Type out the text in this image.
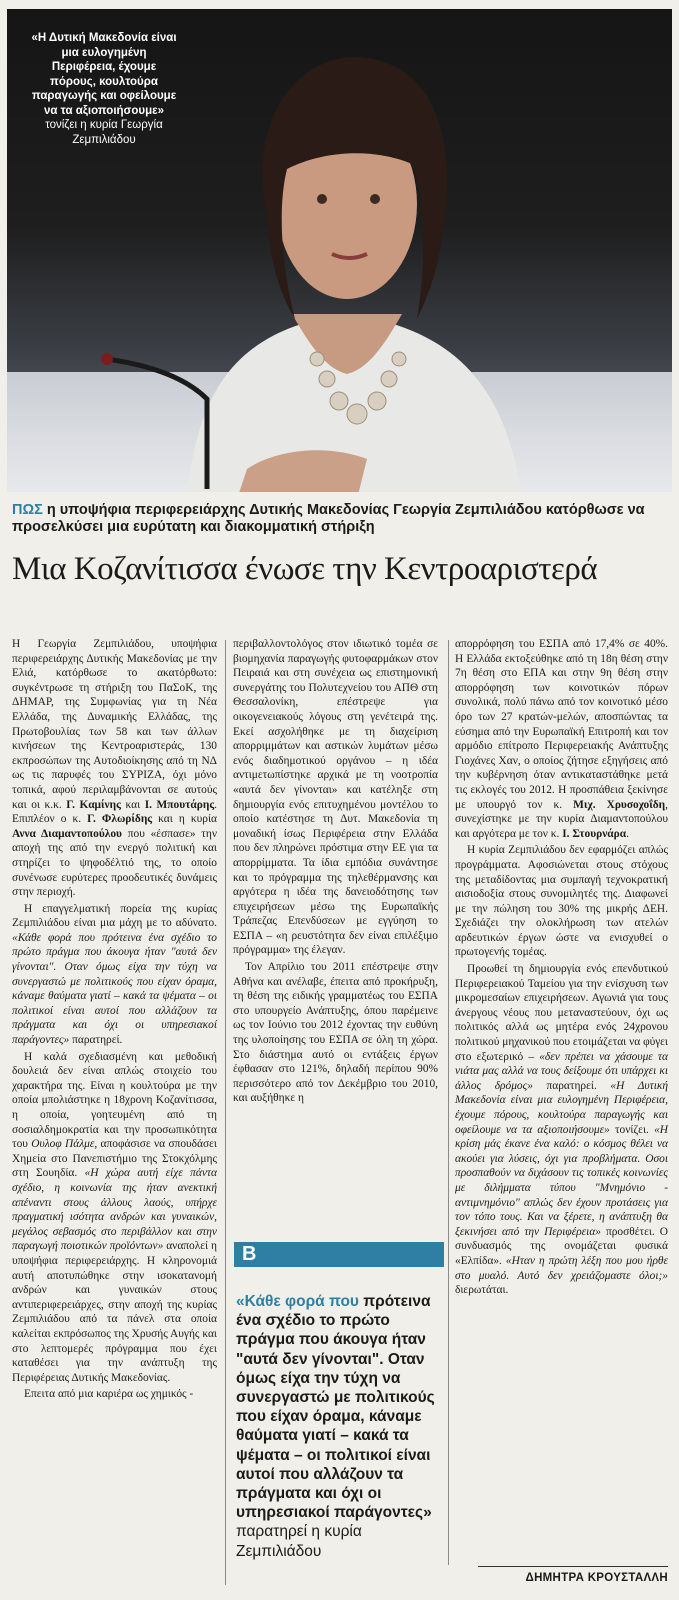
«Η Δυτική Μακεδονία είναι μια ευλογημένη Περιφέρεια, έχουμε πόρους, κουλτούρα παραγωγής και οφείλουμε να τα αξιοποιήσουμε» τονίζει η κυρία Γεωργία Ζεμπιλιάδου
ΠΩΣ η υποψήφια περιφερειάρχης Δυτικής Μακεδονίας Γεωργία Ζεμπιλιάδου κατόρθωσε να προσελκύσει μια ευρύτατη και διακομματική στήριξη
Μια Κοζανίτισσα ένωσε την Κεντροαριστερά

Η Γεωργία Ζεμπιλιάδου, υποψήφια περιφερειάρχης Δυτικής Μακεδονίας με την Ελιά, κατόρθωσε το ακατόρθωτο: συγκέντρωσε τη στήριξη του ΠαΣοΚ, της ΔΗΜΑΡ, της Συμφωνίας για τη Νέα Ελλάδα, της Δυναμικής Ελλάδας, της Πρωτοβουλίας των 58 και των άλλων κινήσεων της Κεντροαριστεράς, 130 εκπροσώπων της Αυτοδιοίκησης από τη ΝΔ ως τις παρυφές του ΣΥΡΙΖΑ, όχι μόνο τοπικά, αφού περιλαμβάνονται σε αυτούς και οι κ.κ. Γ. Καμίνης και Ι. Μπουτάρης. Επιπλέον ο κ. Γ. Φλωρίδης και η κυρία Αννα Διαμαντοπούλου που «έσπασε» την αποχή της από την ενεργό πολιτική και στηρίζει το ψηφοδέλτιό της, το οποίο συνένωσε ευρύτερες προοδευτικές δυνάμεις στην περιοχή.

Η επαγγελματική πορεία της κυρίας Ζεμπιλιάδου είναι μια μάχη με το αδύνατο. «Κάθε φορά που πρότεινα ένα σχέδιο το πρώτο πράγμα που άκουγα ήταν "αυτά δεν γίνονται". Οταν όμως είχα την τύχη να συνεργαστώ με πολιτικούς που είχαν όραμα, κάναμε θαύματα γιατί – κακά τα ψέματα – οι πολιτικοί είναι αυτοί που αλλάζουν τα πράγματα και όχι οι υπηρεσιακοί παράγοντες» παρατηρεί.

Η καλά σχεδιασμένη και μεθοδική δουλειά δεν είναι απλώς στοιχείο του χαρακτήρα της. Είναι η κουλτούρα με την οποία μπολιάστηκε η 18χρονη Κοζανίτισσα, η οποία, γοητευμένη από τη σοσιαλδημοκρατία και την προσωπικότητα του Ουλοφ Πάλμε, αποφάσισε να σπουδάσει Χημεία στο Πανεπιστήμιο της Στοκχόλμης στη Σουηδία. «Η χώρα αυτή είχε πάντα σχέδιο, η κοινωνία της ήταν ανεκτική απέναντι στους άλλους λαούς, υπήρχε πραγματική ισότητα ανδρών και γυναικών, μεγάλος σεβασμός στο περιβάλλον και στην παραγωγή ποιοτικών προϊόντων» αναπολεί η υποψήφια περιφερειάρχης. Η κληρονομιά αυτή αποτυπώθηκε στην ισοκατανομή ανδρών και γυναικών στους αντιπεριφερειάρχες, στην αποχή της κυρίας Ζεμπιλιάδου από τα πάνελ στα οποία καλείται εκπρόσωπος της Χρυσής Αυγής και στο λεπτομερές πρόγραμμα που έχει καταθέσει για την ανάπτυξη της Περιφέρειας Δυτικής Μακεδονίας.

Επειτα από μια καριέρα ως χημικός -

περιβαλλοντολόγος στον ιδιωτικό τομέα σε βιομηχανία παραγωγής φυτοφαρμάκων στον Πειραιά και στη συνέχεια ως επιστημονική συνεργάτης του Πολυτεχνείου του ΑΠΘ στη Θεσσαλονίκη, επέστρεψε για οικογενειακούς λόγους στη γενέτειρά της. Εκεί ασχολήθηκε με τη διαχείριση απορριμμάτων και αστικών λυμάτων μέσω ενός διαδημοτικού οργάνου – η ιδέα αντιμετωπίστηκε αρχικά με τη νοοτροπία «αυτά δεν γίνονται» και κατέληξε στη δημιουργία ενός επιτυχημένου μοντέλου το οποίο κατέστησε τη Δυτ. Μακεδονία τη μοναδική ίσως Περιφέρεια στην Ελλάδα που δεν πληρώνει πρόστιμα στην ΕΕ για τα απορρίμματα. Τα ίδια εμπόδια συνάντησε και το πρόγραμμα της τηλεθέρμανσης και αργότερα η ιδέα της δανειοδότησης των επιχειρήσεων μέσω της Ευρωπαϊκής Τράπεζας Επενδύσεων με εγγύηση το ΕΣΠΑ – «η ρευστότητα δεν είναι επιλέξιμο πρόγραμμα» της έλεγαν.

Τον Απρίλιο του 2011 επέστρεψε στην Αθήνα και ανέλαβε, έπειτα από προκήρυξη, τη θέση της ειδικής γραμματέως του ΕΣΠΑ στο υπουργείο Ανάπτυξης, όπου παρέμεινε ως τον Ιούνιο του 2012 έχοντας την ευθύνη της υλοποίησης του ΕΣΠΑ σε όλη τη χώρα. Στο διάστημα αυτό οι εντάξεις έργων έφθασαν στο 121%, δηλαδή περίπου 90% περισσότερο από τον Δεκέμβριο του 2010, και αυξήθηκε η

απορρόφηση του ΕΣΠΑ από 17,4% σε 40%. Η Ελλάδα εκτοξεύθηκε από τη 18η θέση στην 7η θέση στο ΕΠΑ και στην 9η θέση στην απορρόφηση των κοινοτικών πόρων συνολικά, πολύ πάνω από τον κοινοτικό μέσο όρο των 27 κρατών-μελών, αποσπώντας τα εύσημα από την Ευρωπαϊκή Επιτροπή και τον αρμόδιο επίτροπο Περιφερειακής Ανάπτυξης Γιοχάνες Χαν, ο οποίος ζήτησε εξηγήσεις από την κυβέρνηση όταν αντικαταστάθηκε μετά τις εκλογές του 2012. Η προσπάθεια ξεκίνησε με υπουργό τον κ. Μιχ. Χρυσοχοΐδη, συνεχίστηκε με την κυρία Διαμαντοπούλου και αργότερα με τον κ. Ι. Στουρνάρα.

Η κυρία Ζεμπιλιάδου δεν εφαρμόζει απλώς προγράμματα. Αφοσιώνεται στους στόχους της μεταδίδοντας μια συμπαγή τεχνοκρατική αισιοδοξία στους συνομιλητές της. Διαφωνεί με την πώληση του 30% της μικρής ΔΕΗ. Σχεδιάζει την ολοκλήρωση των ατελών αρδευτικών έργων ώστε να ενισχυθεί ο πρωτογενής τομέας.

Προωθεί τη δημιουργία ενός επενδυτικού Περιφερειακού Ταμείου για την ενίσχυση των μικρομεσαίων επιχειρήσεων. Αγωνιά για τους άνεργους νέους που μεταναστεύουν, όχι ως πολιτικός αλλά ως μητέρα ενός 24χρονου πολιτικού μηχανικού που ετοιμάζεται να φύγει στο εξωτερικό – «δεν πρέπει να χάσουμε τα νιάτα μας αλλά να τους δείξουμε ότι υπάρχει κι άλλος δρόμος» παρατηρεί. «Η Δυτική Μακεδονία είναι μια ευλογημένη Περιφέρεια, έχουμε πόρους, κουλτούρα παραγωγής και οφείλουμε να τα αξιοποιήσουμε» τονίζει. «Η κρίση μάς έκανε ένα καλό: ο κόσμος θέλει να ακούει για λύσεις, όχι για προβλήματα. Οσοι προσπαθούν να διχάσουν τις τοπικές κοινωνίες με διλήμματα τύπου "Μνημόνιο - αντιμνημόνιο" απλώς δεν έχουν προτάσεις για τον τόπο τους. Και να ξέρετε, η ανάπτυξη θα ξεκινήσει από την Περιφέρεια» προσθέτει. Ο συνδυασμός της ονομάζεται φυσικά «Ελπίδα». «Ηταν η πρώτη λέξη που μου ήρθε στο μυαλό. Αυτό δεν χρειάζομαστε όλοι;» διερωτάται.

B
«Κάθε φορά που πρότεινα ένα σχέδιο το πρώτο πράγμα που άκουγα ήταν "αυτά δεν γίνονται". Οταν όμως είχα την τύχη να συνεργαστώ με πολιτικούς που είχαν όραμα, κάναμε θαύματα γιατί – κακά τα ψέματα – οι πολιτικοί είναι αυτοί που αλλάζουν τα πράγματα και όχι οι υπηρεσιακοί παράγοντες» παρατηρεί η κυρία Ζεμπιλιάδου
ΔΗΜΗΤΡΑ ΚΡΟΥΣΤΑΛΛΗ
